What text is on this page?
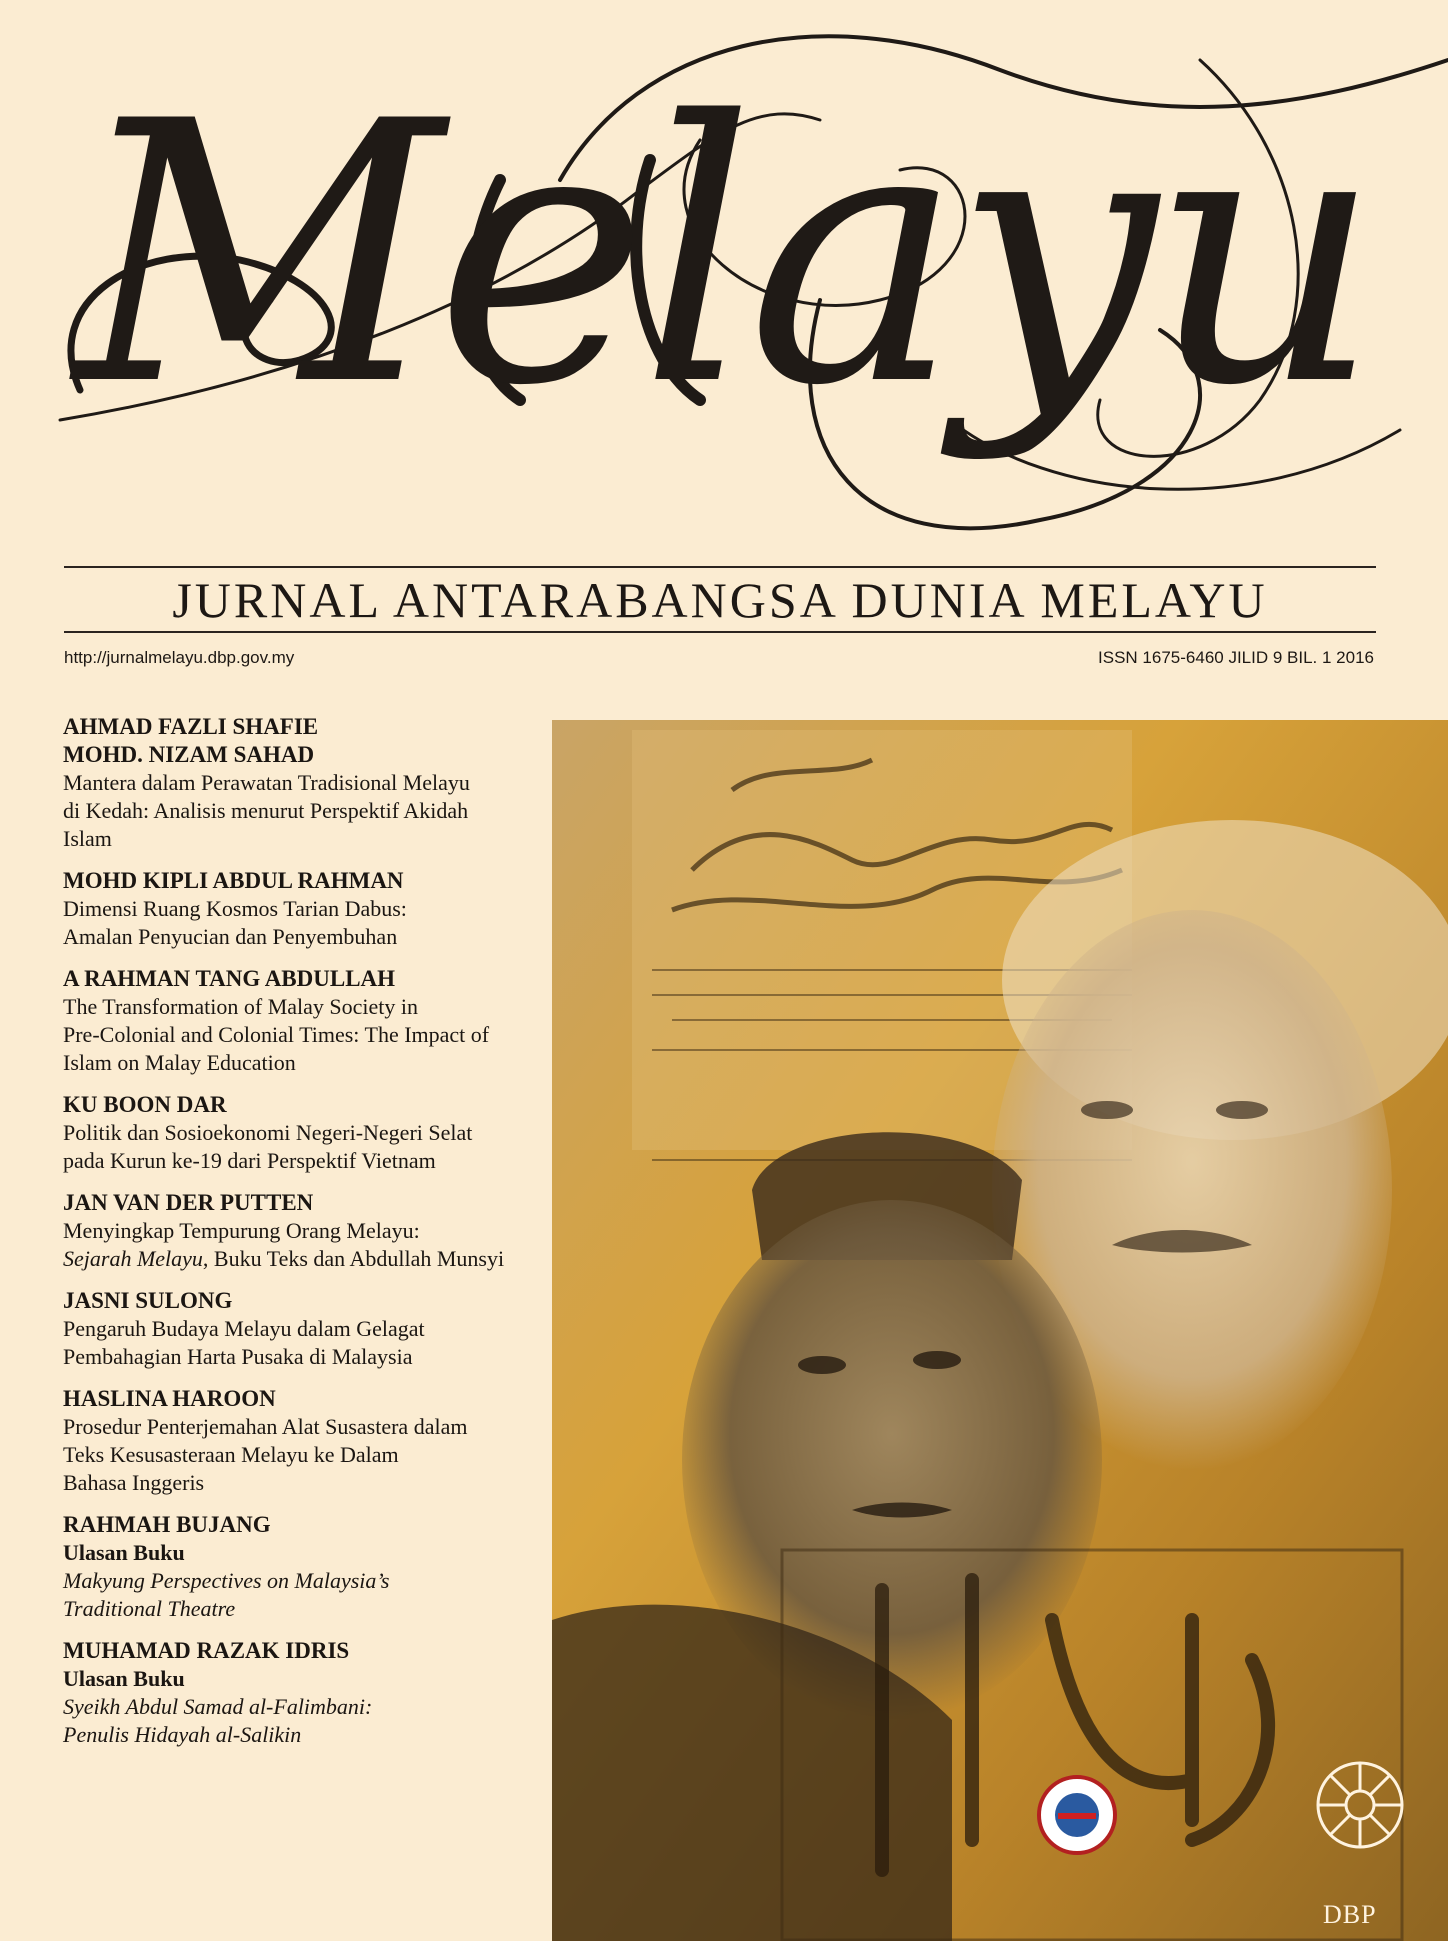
Melayu
JURNAL ANTARABANGSA DUNIA MELAYU
http://jurnalmelayu.dbp.gov.my	ISSN 1675-6460 JILID 9 BIL. 1 2016
AHMAD FAZLI SHAFIE
MOHD. NIZAM SAHAD
Mantera dalam Perawatan Tradisional Melayu
di Kedah: Analisis menurut Perspektif Akidah
Islam
MOHD KIPLI ABDUL RAHMAN
Dimensi Ruang Kosmos Tarian Dabus:
Amalan Penyucian dan Penyembuhan
A RAHMAN TANG ABDULLAH
The Transformation of Malay Society in
Pre-Colonial and Colonial Times: The Impact of
Islam on Malay Education
KU BOON DAR
Politik dan Sosioekonomi Negeri-Negeri Selat
pada Kurun ke-19 dari Perspektif Vietnam
JAN VAN DER PUTTEN
Menyingkap Tempurung Orang Melayu:
Sejarah Melayu, Buku Teks dan Abdullah Munsyi
JASNI SULONG
Pengaruh Budaya Melayu dalam Gelagat
Pembahagian Harta Pusaka di Malaysia
HASLINA HAROON
Prosedur Penterjemahan Alat Susastera dalam
Teks Kesusasteraan Melayu ke Dalam
Bahasa Inggeris
RAHMAH BUJANG
Ulasan Buku
Makyung Perspectives on Malaysia’s
Traditional Theatre
MUHAMAD RAZAK IDRIS
Ulasan Buku
Syeikh Abdul Samad al-Falimbani:
Penulis Hidayah al-Salikin
DBP
